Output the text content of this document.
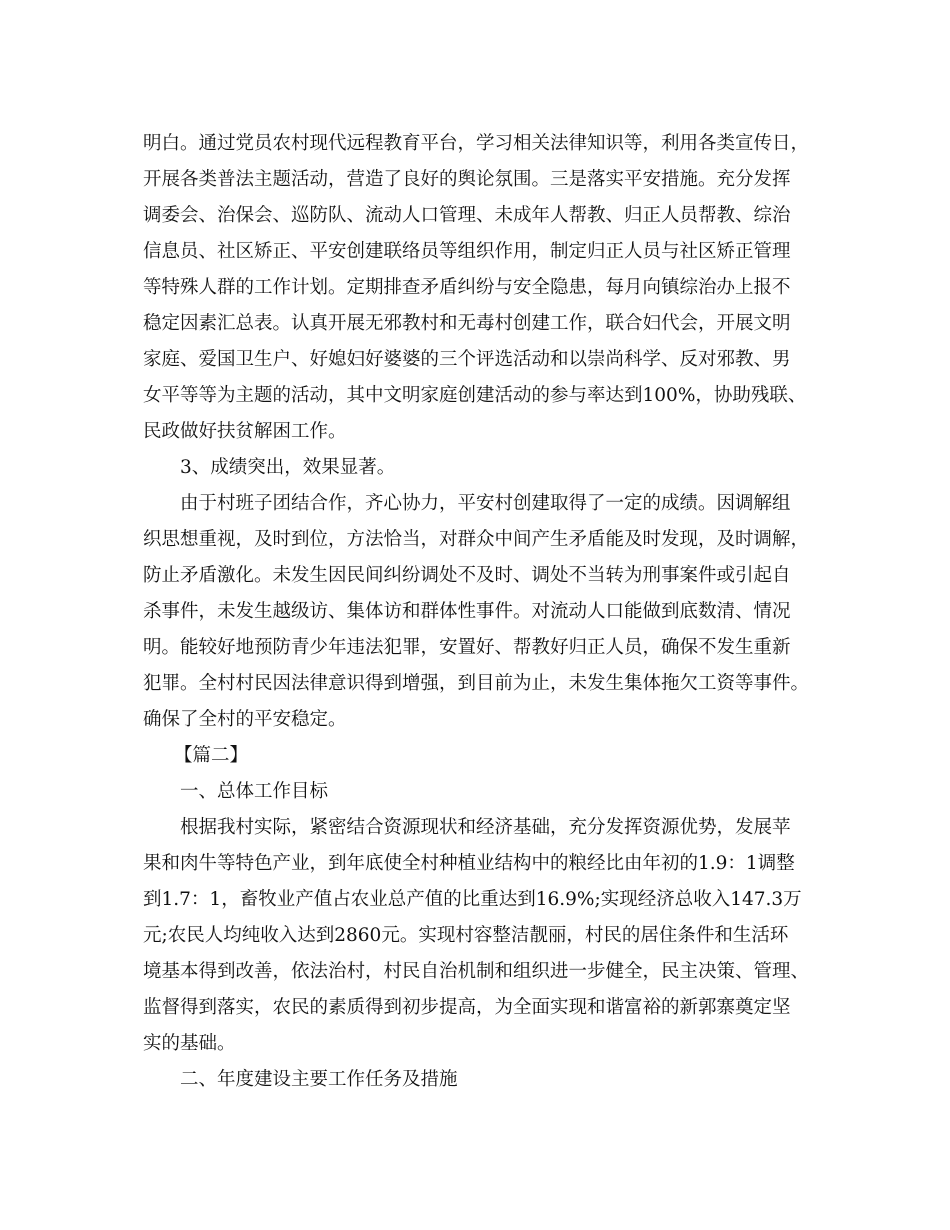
明白。通过党员农村现代远程教育平台，学习相关法律知识等，利用各类宣传日，
开展各类普法主题活动，营造了良好的舆论氛围。三是落实平安措施。充分发挥
调委会、治保会、巡防队、流动人口管理、未成年人帮教、归正人员帮教、综治
信息员、社区矫正、平安创建联络员等组织作用，制定归正人员与社区矫正管理
等特殊人群的工作计划。定期排查矛盾纠纷与安全隐患，每月向镇综治办上报不
稳定因素汇总表。认真开展无邪教村和无毒村创建工作，联合妇代会，开展文明
家庭、爱国卫生户、好媳妇好婆婆的三个评选活动和以崇尚科学、反对邪教、男
女平等等为主题的活动，其中文明家庭创建活动的参与率达到100%，协助残联、
民政做好扶贫解困工作。
3、成绩突出，效果显著。
由于村班子团结合作，齐心协力，平安村创建取得了一定的成绩。因调解组
织思想重视，及时到位，方法恰当，对群众中间产生矛盾能及时发现，及时调解，
防止矛盾激化。未发生因民间纠纷调处不及时、调处不当转为刑事案件或引起自
杀事件，未发生越级访、集体访和群体性事件。对流动人口能做到底数清、情况
明。能较好地预防青少年违法犯罪，安置好、帮教好归正人员，确保不发生重新
犯罪。全村村民因法律意识得到增强，到目前为止，未发生集体拖欠工资等事件。
确保了全村的平安稳定。
【篇二】
一、总体工作目标
根据我村实际，紧密结合资源现状和经济基础，充分发挥资源优势，发展苹
果和肉牛等特色产业，到年底使全村种植业结构中的粮经比由年初的1.9：1调整
到1.7：1，畜牧业产值占农业总产值的比重达到16.9%;实现经济总收入147.3万
元;农民人均纯收入达到2860元。实现村容整洁靓丽，村民的居住条件和生活环
境基本得到改善，依法治村，村民自治机制和组织进一步健全，民主决策、管理、
监督得到落实，农民的素质得到初步提高，为全面实现和谐富裕的新郭寨奠定坚
实的基础。
二、年度建设主要工作任务及措施
